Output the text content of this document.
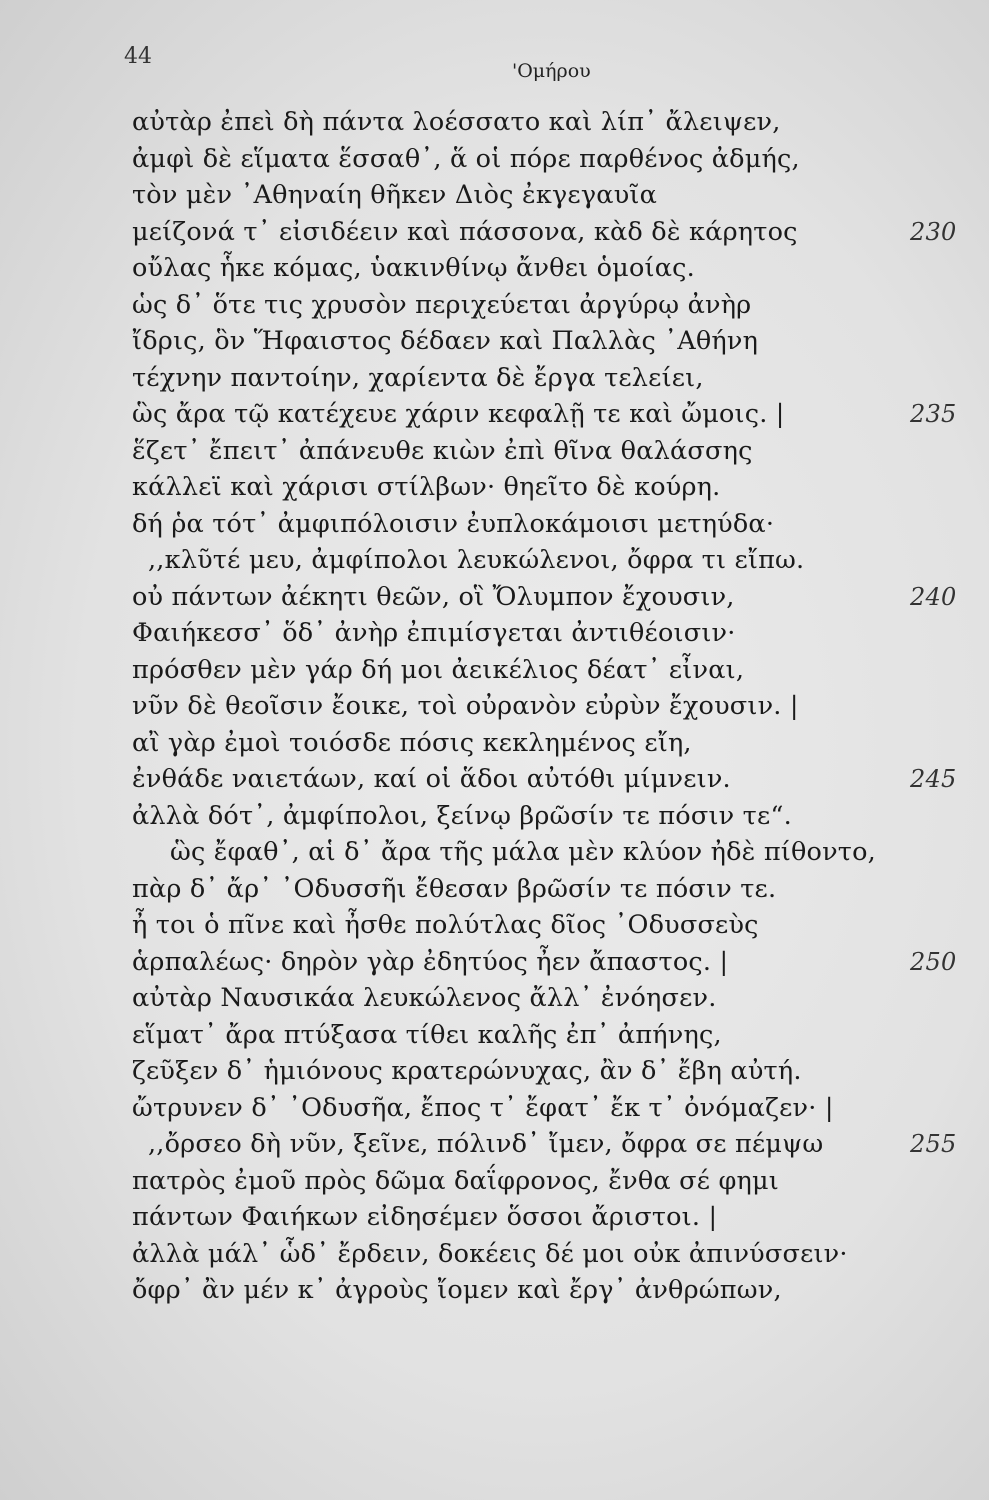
44
'Ομήρου
αὐτὰρ ἐπεὶ δὴ πάντα λοέσσατο καὶ λίπ᾽ ἄλειψεν,
ἀμφὶ δὲ εἵματα ἕσσαθ᾽, ἅ οἱ πόρε παρθένος ἀδμής,
τὸν μὲν ᾽Αθηναίη θῆκεν Διὸς ἐκγεγαυῖα
μείζονά τ᾽ εἰσιδέειν καὶ πάσσονα, κὰδ δὲ κάρητος	230
οὔλας ἧκε κόμας, ὑακινθίνῳ ἄνθει ὁμοίας.
ὡς δ᾽ ὅτε τις χρυσὸν περιχεύεται ἀργύρῳ ἀνὴρ
ἴδρις, ὃν Ἥφαιστος δέδαεν καὶ Παλλὰς ᾽Αθήνη
τέχνην παντοίην, χαρίεντα δὲ ἔργα τελείει,
ὣς ἄρα τῷ κατέχευε χάριν κεφαλῇ τε καὶ ὤμοις. |	235
ἕζετ᾽ ἔπειτ᾽ ἀπάνευθε κιὼν ἐπὶ θῖνα θαλάσσης
κάλλεϊ καὶ χάρισι στίλβων· θηεῖτο δὲ κούρη.
δή ῥα τότ᾽ ἀμφιπόλοισιν ἐυπλοκάμοισι μετηύδα·
,,κλῦτέ μευ, ἀμφίπολοι λευκώλενοι, ὄφρα τι εἴπω.
οὐ πάντων ἀέκητι θεῶν, οἳ Ὄλυμπον ἔχουσιν,	240
Φαιήκεσσ᾽ ὅδ᾽ ἀνὴρ ἐπιμίσγεται ἀντιθέοισιν·
πρόσθεν μὲν γάρ δή μοι ἀεικέλιος δέατ᾽ εἶναι,
νῦν δὲ θεοῖσιν ἔοικε, τοὶ οὐρανὸν εὐρὺν ἔχουσιν. |
αἲ γὰρ ἐμοὶ τοιόσδε πόσις κεκλημένος εἴη,
ἐνθάδε ναιετάων, καί οἱ ἅδοι αὐτόθι μίμνειν.	245
ἀλλὰ δότ᾽, ἀμφίπολοι, ξείνῳ βρῶσίν τε πόσιν τε“.
ὣς ἔφαθ᾽, αἱ δ᾽ ἄρα τῆς μάλα μὲν κλύον ἠδὲ πίθοντο,
πὰρ δ᾽ ἄρ᾽ ᾽Οδυσσῆι ἔθεσαν βρῶσίν τε πόσιν τε.
ἦ τοι ὁ πῖνε καὶ ἦσθε πολύτλας δῖος ᾽Οδυσσεὺς
ἁρπαλέως· δηρὸν γὰρ ἐδητύος ἦεν ἄπαστος. |	250
αὐτὰρ Ναυσικάα λευκώλενος ἄλλ᾽ ἐνόησεν.
εἵματ᾽ ἄρα πτύξασα τίθει καλῆς ἐπ᾽ ἀπήνης,
ζεῦξεν δ᾽ ἡμιόνους κρατερώνυχας, ἂν δ᾽ ἔβη αὐτή.
ὤτρυνεν δ᾽ ᾽Οδυσῆα, ἔπος τ᾽ ἔφατ᾽ ἔκ τ᾽ ὀνόμαζεν· |
,,ὄρσεο δὴ νῦν, ξεῖνε, πόλινδ᾽ ἴμεν, ὄφρα σε πέμψω	255
πατρὸς ἐμοῦ πρὸς δῶμα δαΐφρονος, ἔνθα σέ φημι
πάντων Φαιήκων εἰδησέμεν ὅσσοι ἄριστοι. |
ἀλλὰ μάλ᾽ ὧδ᾽ ἔρδειν, δοκέεις δέ μοι οὐκ ἀπινύσσειν·
ὄφρ᾽ ἂν μέν κ᾽ ἀγροὺς ἴομεν καὶ ἔργ᾽ ἀνθρώπων,
